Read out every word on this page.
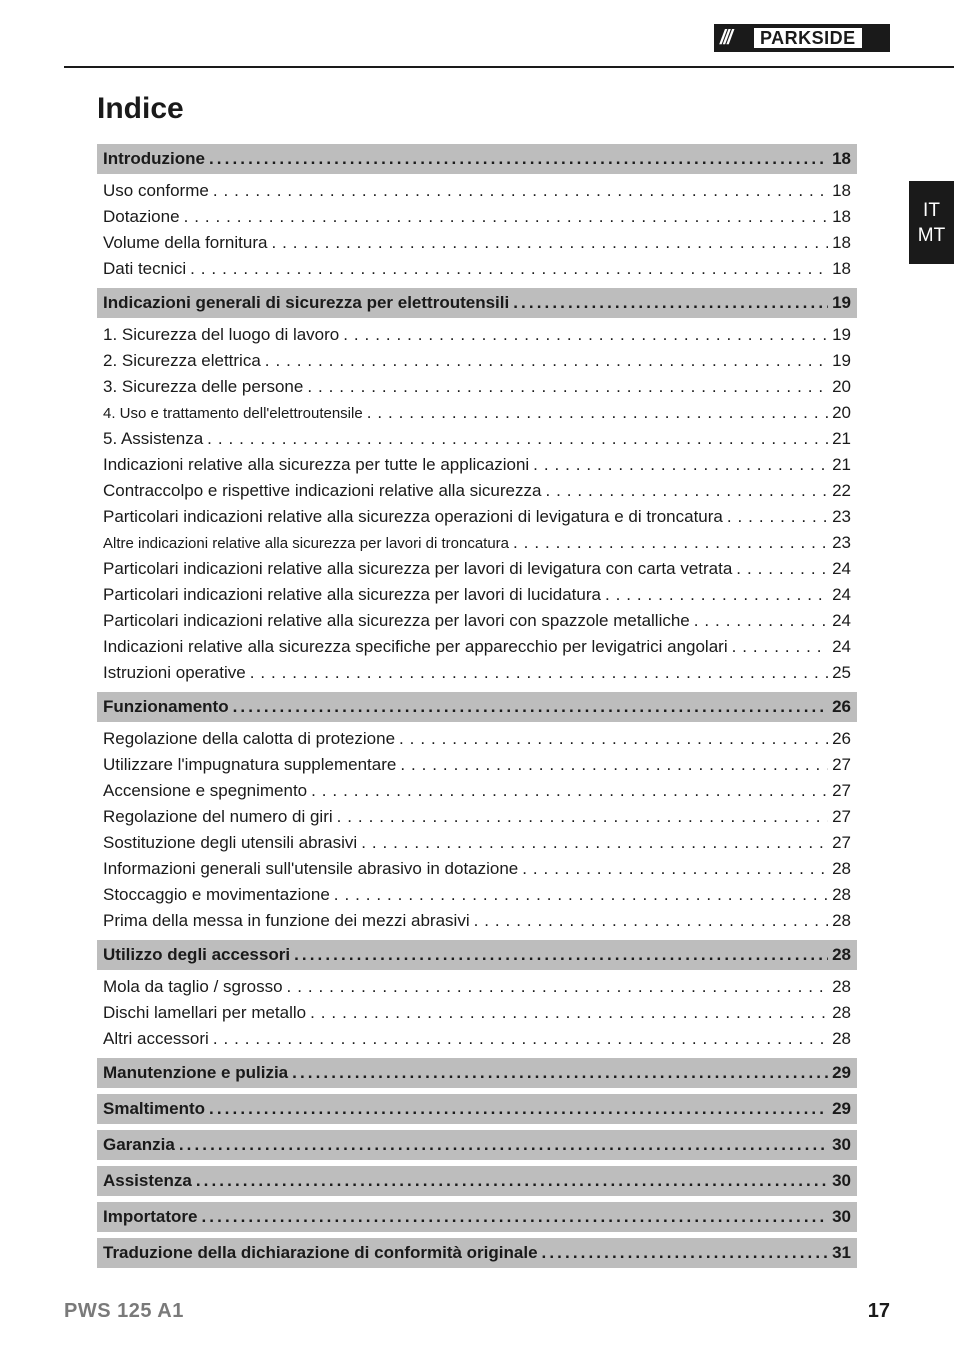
///	PARKSIDE
Indice
IT
MT
Introduzione .....	18
Uso conforme . . .	18
Dotazione . . .	18
Volume della fornitura . . .	18
Dati tecnici . . .	18
Indicazioni generali di sicurezza per elettroutensili .....	19
1. Sicurezza del luogo di lavoro . . .	19
2. Sicurezza elettrica . . .	19
3. Sicurezza delle persone . . .	20
4. Uso e trattamento dell'elettroutensile . . .	20
5. Assistenza . . .	21
Indicazioni relative alla sicurezza per tutte le applicazioni . . .	21
Contraccolpo e rispettive indicazioni relative alla sicurezza . . .	22
Particolari indicazioni relative alla sicurezza operazioni di levigatura e di troncatura . . .	23
Altre indicazioni relative alla sicurezza per lavori di troncatura . . .	23
Particolari indicazioni relative alla sicurezza per lavori di levigatura con carta vetrata . . .	24
Particolari indicazioni relative alla sicurezza per lavori di lucidatura . . .	24
Particolari indicazioni relative alla sicurezza per lavori con spazzole metalliche . . .	24
Indicazioni relative alla sicurezza specifiche per apparecchio per levigatrici angolari . . .	24
Istruzioni operative . . .	25
Funzionamento .....	26
Regolazione della calotta di protezione . . .	26
Utilizzare l'impugnatura supplementare . . .	27
Accensione e spegnimento . . .	27
Regolazione del numero di giri . . .	27
Sostituzione degli utensili abrasivi . . .	27
Informazioni generali sull'utensile abrasivo in dotazione . . .	28
Stoccaggio e movimentazione . . .	28
Prima della messa in funzione dei mezzi abrasivi . . .	28
Utilizzo degli accessori .....	28
Mola da taglio / sgrosso . . .	28
Dischi lamellari per metallo . . .	28
Altri accessori . . .	28
Manutenzione e pulizia .....	29
Smaltimento .....	29
Garanzia .....	30
Assistenza .....	30
Importatore .....	30
Traduzione della dichiarazione di conformità originale .....	31
PWS 125 A1	17
